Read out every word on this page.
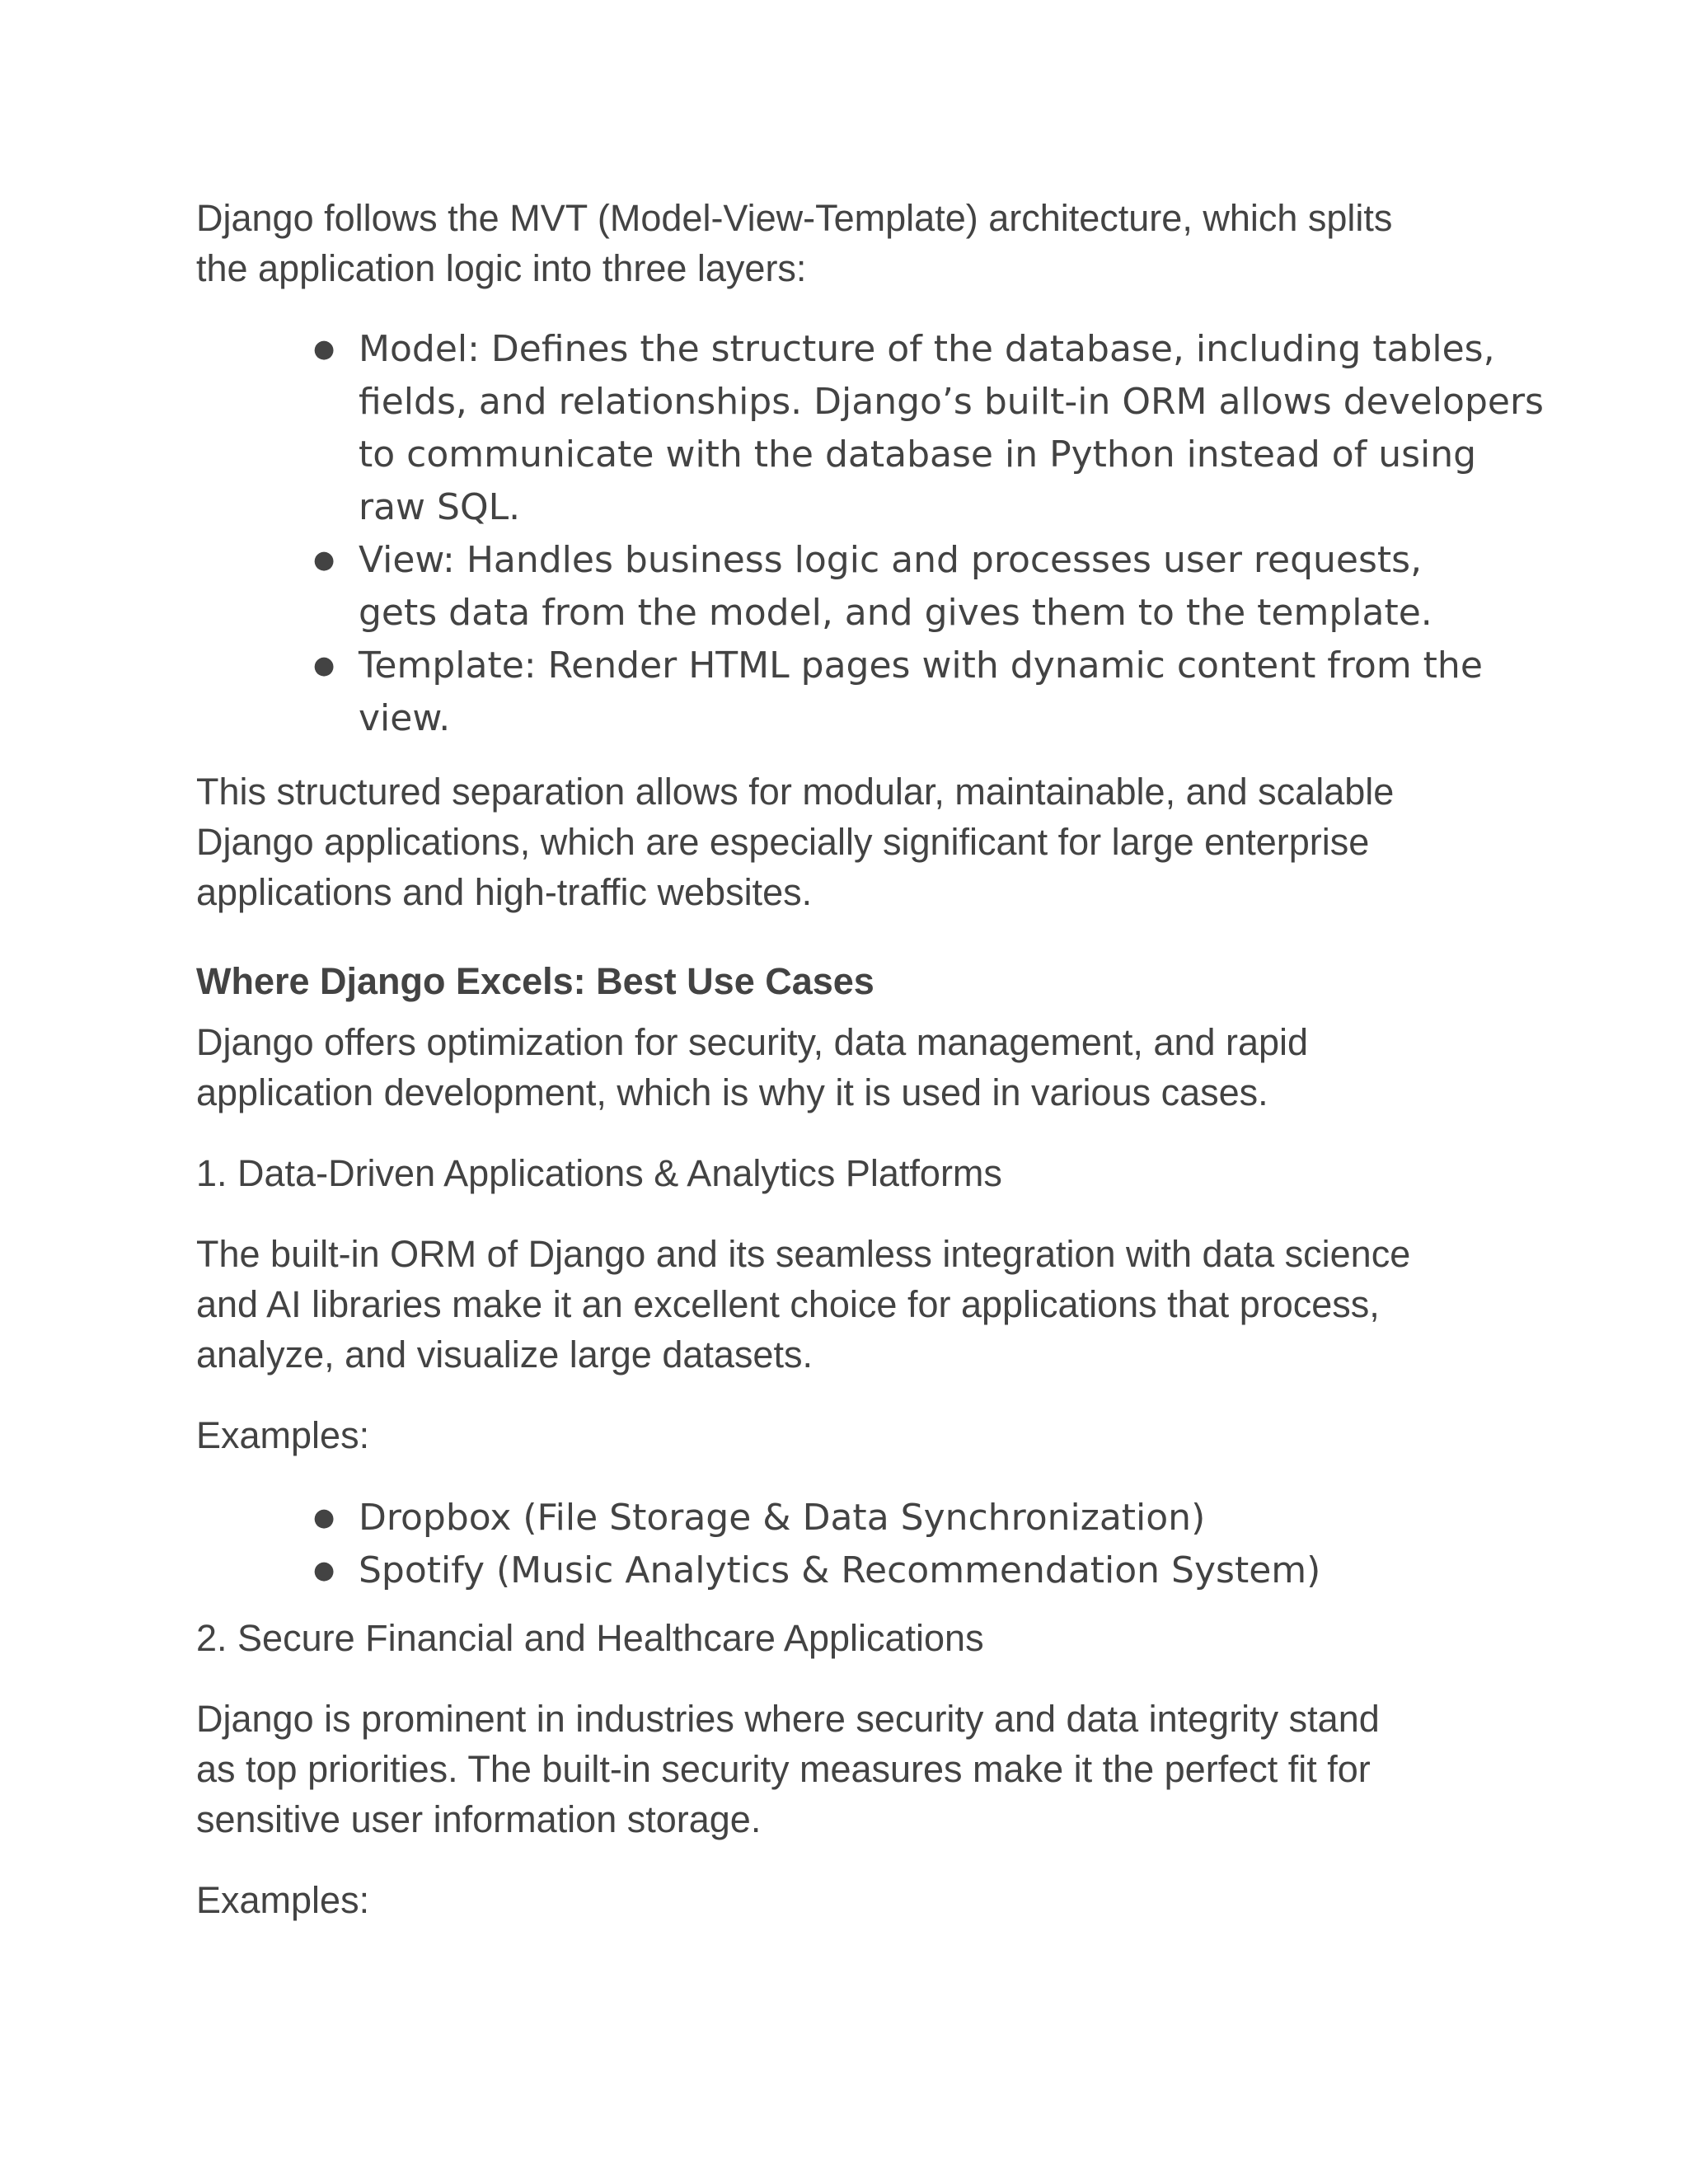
Django follows the MVT (Model-View-Template) architecture, which splits

the application logic into three layers:

● Model: Defines the structure of the database, including tables,
fields, and relationships. Django’s built-in ORM allows developers
to communicate with the database in Python instead of using
raw SQL.
● View: Handles business logic and processes user requests,
gets data from the model, and gives them to the template.
● Template: Render HTML pages with dynamic content from the
view.

This structured separation allows for modular, maintainable, and scalable

Django applications, which are especially significant for large enterprise

applications and high-traffic websites.

Where Django Excels: Best Use Cases

Django offers optimization for security, data management, and rapid

application development, which is why it is used in various cases.

1. Data-Driven Applications & Analytics Platforms

The built-in ORM of Django and its seamless integration with data science

and AI libraries make it an excellent choice for applications that process,

analyze, and visualize large datasets.

Examples:

● Dropbox (File Storage & Data Synchronization)
● Spotify (Music Analytics & Recommendation System)

2. Secure Financial and Healthcare Applications

Django is prominent in industries where security and data integrity stand

as top priorities. The built-in security measures make it the perfect fit for

sensitive user information storage.

Examples:
